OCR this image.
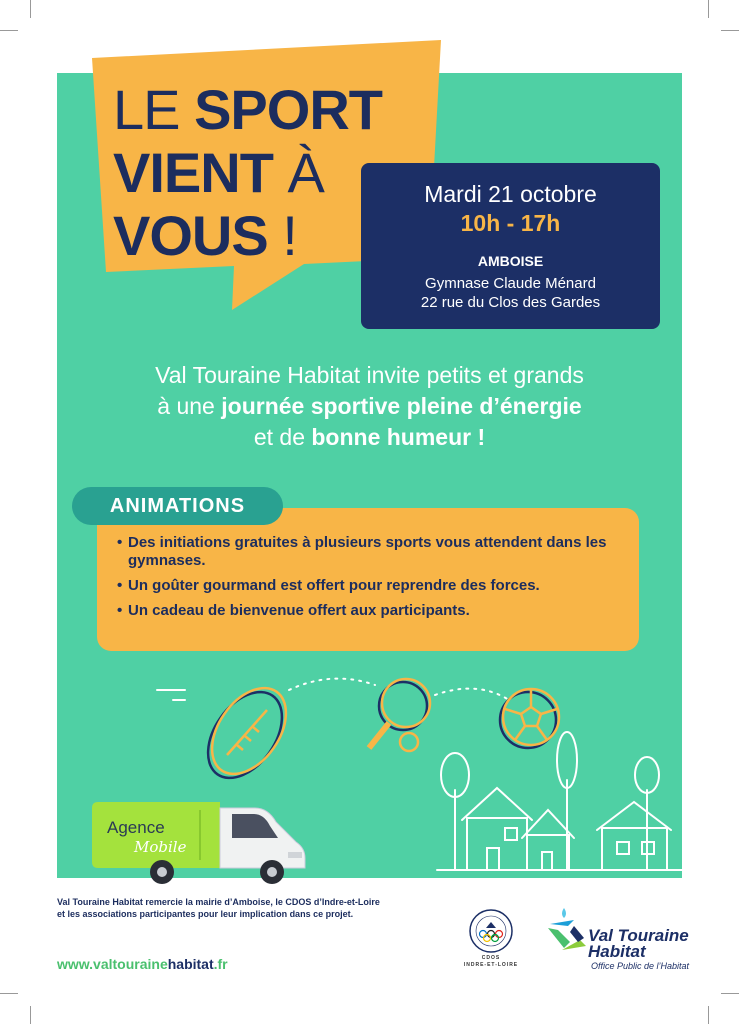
LE SPORT
VIENT À
VOUS !
Mardi 21 octobre
10h - 17h
AMBOISE
Gymnase Claude Ménard
22 rue du Clos des Gardes
Val Touraine Habitat invite petits et grands
à une journée sportive pleine d’énergie
et de bonne humeur !
ANIMATIONS
• Des initiations gratuites à plusieurs sports vous attendent dans les gymnases.
• Un goûter gourmand est offert pour reprendre des forces.
• Un cadeau de bienvenue offert aux participants.
Agence
Mobile
Val Touraine Habitat remercie la mairie d’Amboise, le CDOS d’Indre-et-Loire
et les associations participantes pour leur implication dans ce projet.
www.valtourainehabitat.fr	CDOS
INDRE-ET-LOIRE
Val Touraine
Habitat
Office Public de l’Habitat
